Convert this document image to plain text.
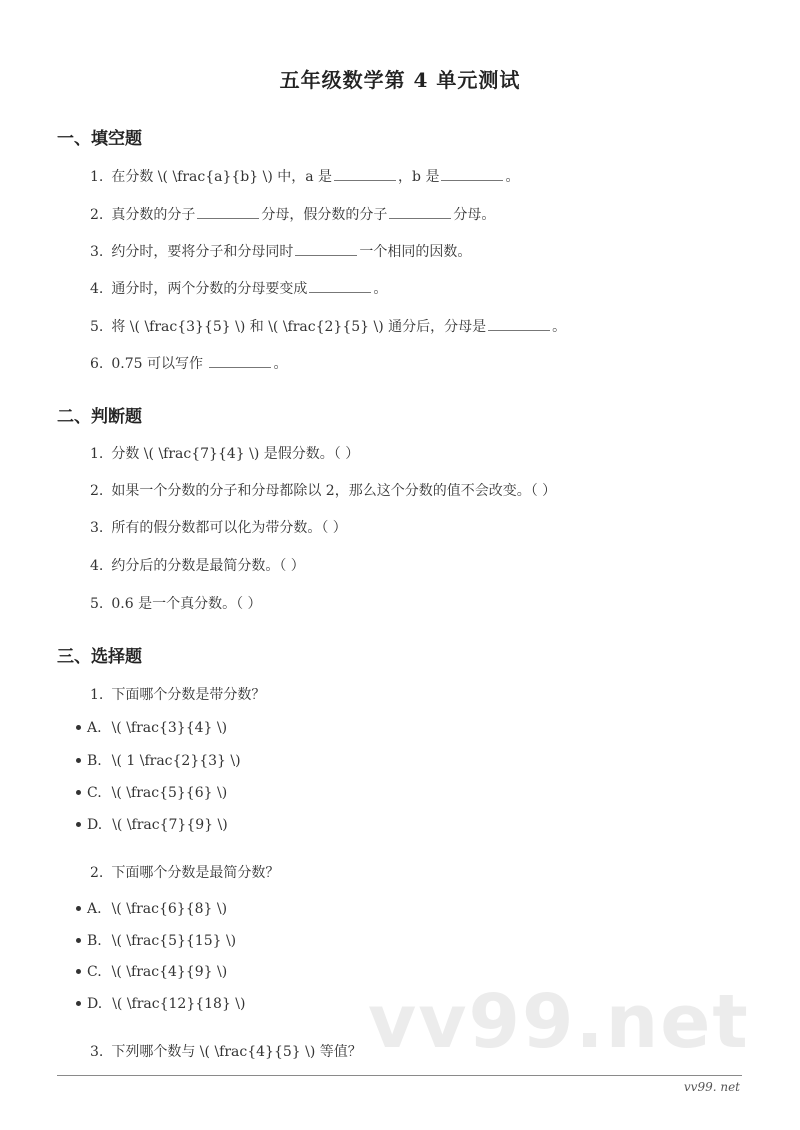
vv99.net
五年级数学第 4 单元测试
一、填空题
1. 在分数 \( \frac{a}{b} \) 中，a 是	，b 是	。
2. 真分数的分子	分母，假分数的分子	分母。
3. 约分时，要将分子和分母同时	一个相同的因数。
4. 通分时，两个分数的分母要变成	。
5. 将 \( \frac{3}{5} \) 和 \( \frac{2}{5} \) 通分后，分母是	。
6. 0.75 可以写作	。
二、判断题
1. 分数 \( \frac{7}{4} \) 是假分数。（ ）
2. 如果一个分数的分子和分母都除以 2，那么这个分数的值不会改变。（ ）
3. 所有的假分数都可以化为带分数。（ ）
4. 约分后的分数是最简分数。（ ）
5. 0.6 是一个真分数。（ ）
三、选择题
1. 下面哪个分数是带分数？
A. \( \frac{3}{4} \)
B. \( 1 \frac{2}{3} \)
C. \( \frac{5}{6} \)
D. \( \frac{7}{9} \)
2. 下面哪个分数是最简分数？
A. \( \frac{6}{8} \)
B. \( \frac{5}{15} \)
C. \( \frac{4}{9} \)
D. \( \frac{12}{18} \)
3. 下列哪个数与 \( \frac{4}{5} \) 等值？
vv99. net
